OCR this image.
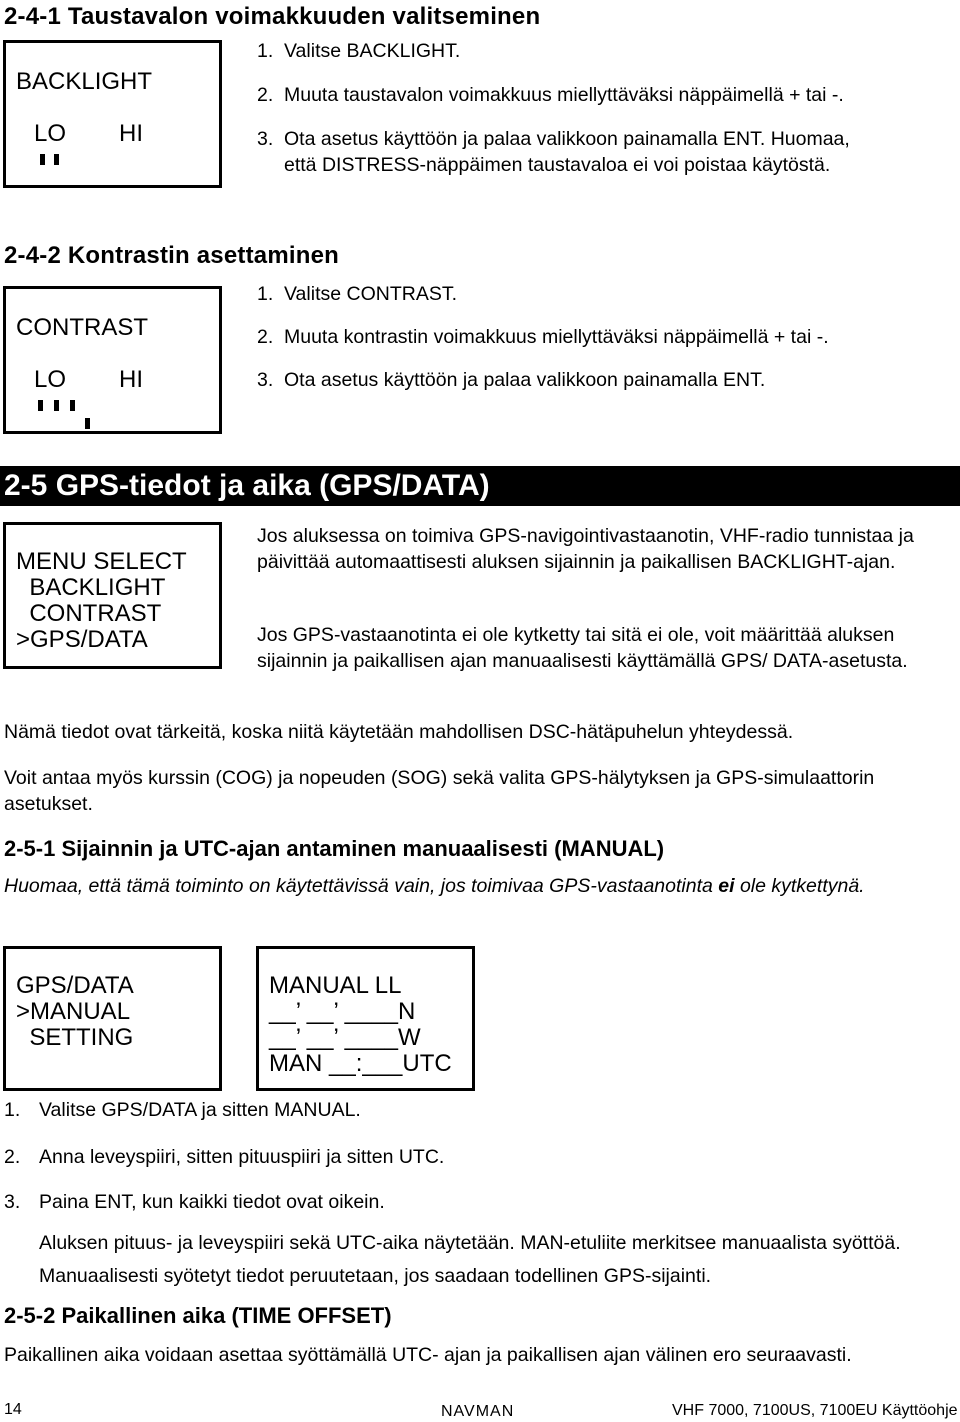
2-4-1 Taustavalon voimakkuuden valitseminen
BACKLIGHT
LO HI
1. Valitse BACKLIGHT.
2. Muuta taustavalon voimakkuus miellyttäväksi näppäimellä + tai -.
3. Ota asetus käyttöön ja palaa valikkoon painamalla ENT. Huomaa,
että DISTRESS-näppäimen taustavaloa ei voi poistaa käytöstä.
2-4-2 Kontrastin asettaminen
CONTRAST
LO HI
1. Valitse CONTRAST.
2. Muuta kontrastin voimakkuus miellyttäväksi näppäimellä + tai -.
3. Ota asetus käyttöön ja palaa valikkoon painamalla ENT.
2-5 GPS-tiedot ja aika (GPS/DATA)
MENU SELECT
BACKLIGHT
CONTRAST
>GPS/DATA
Jos aluksessa on toimiva GPS-navigointivastaanotin, VHF-radio tunnistaa ja päivittää automaattisesti aluksen sijainnin ja paikallisen BACKLIGHT-ajan.
Jos GPS-vastaanotinta ei ole kytketty tai sitä ei ole, voit määrittää aluksen sijainnin ja paikallisen ajan manuaalisesti käyttämällä GPS/ DATA-asetusta.
Nämä tiedot ovat tärkeitä, koska niitä käytetään mahdollisen DSC-hätäpuhelun yhteydessä.
Voit antaa myös kurssin (COG) ja nopeuden (SOG) sekä valita GPS-hälytyksen ja GPS-simulaattorin asetukset.
2-5-1 Sijainnin ja UTC-ajan antaminen manuaalisesti (MANUAL)
Huomaa, että tämä toiminto on käytettävissä vain, jos toimivaa GPS-vastaanotinta ei ole kytkettynä.
GPS/DATA
>MANUAL
SETTING
MANUAL LL
__’ __’ ____N
__’ __’ ____W
MAN __:___UTC
1. Valitse GPS/DATA ja sitten MANUAL.
2. Anna leveyspiiri, sitten pituuspiiri ja sitten UTC.
3. Paina ENT, kun kaikki tiedot ovat oikein.
Aluksen pituus- ja leveyspiiri sekä UTC-aika näytetään. MAN-etuliite merkitsee manuaalista syöttöä. Manuaalisesti syötetyt tiedot peruutetaan, jos saadaan todellinen GPS-sijainti.
2-5-2 Paikallinen aika (TIME OFFSET)
Paikallinen aika voidaan asettaa syöttämällä UTC- ajan ja paikallisen ajan välinen ero seuraavasti.
14	NAVMAN	VHF 7000, 7100US, 7100EU Käyttöohje
